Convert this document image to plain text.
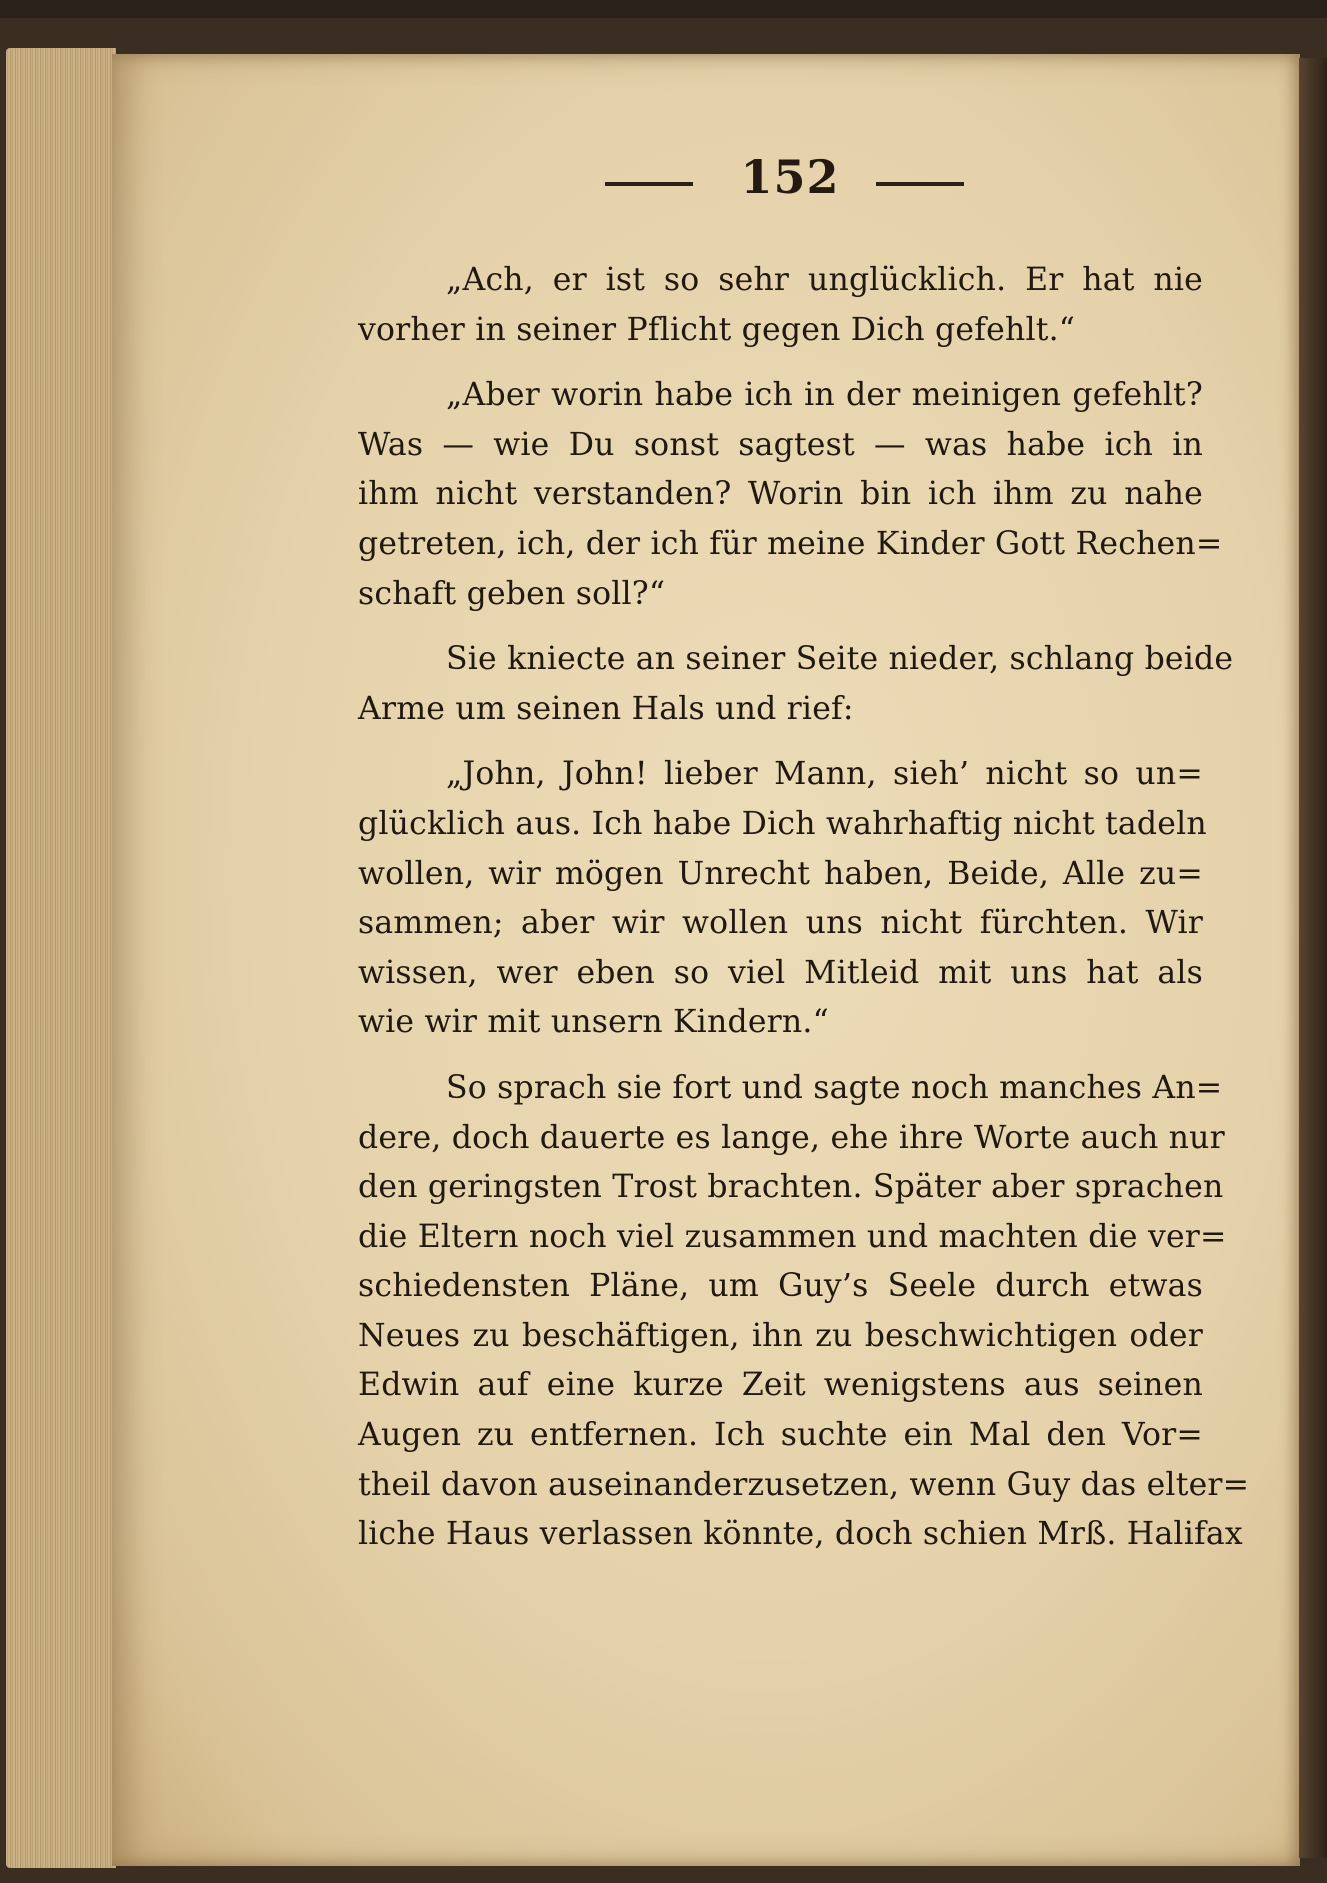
152
„Ach, er ist so sehr unglücklich. Er hat nie
vorher in seiner Pflicht gegen Dich gefehlt.“
„Aber worin habe ich in der meinigen gefehlt?
Was — wie Du sonst sagtest — was habe ich in
ihm nicht verstanden? Worin bin ich ihm zu nahe
getreten, ich, der ich für meine Kinder Gott Rechen=
schaft geben soll?“
Sie kniecte an seiner Seite nieder, schlang beide
Arme um seinen Hals und rief:
„John, John! lieber Mann, sieh’ nicht so un=
glücklich aus. Ich habe Dich wahrhaftig nicht tadeln
wollen, wir mögen Unrecht haben, Beide, Alle zu=
sammen; aber wir wollen uns nicht fürchten. Wir
wissen, wer eben so viel Mitleid mit uns hat als
wie wir mit unsern Kindern.“
So sprach sie fort und sagte noch manches An=
dere, doch dauerte es lange, ehe ihre Worte auch nur
den geringsten Trost brachten. Später aber sprachen
die Eltern noch viel zusammen und machten die ver=
schiedensten Pläne, um Guy’s Seele durch etwas
Neues zu beschäftigen, ihn zu beschwichtigen oder
Edwin auf eine kurze Zeit wenigstens aus seinen
Augen zu entfernen. Ich suchte ein Mal den Vor=
theil davon auseinanderzusetzen, wenn Guy das elter=
liche Haus verlassen könnte, doch schien Mrß. Halifax
